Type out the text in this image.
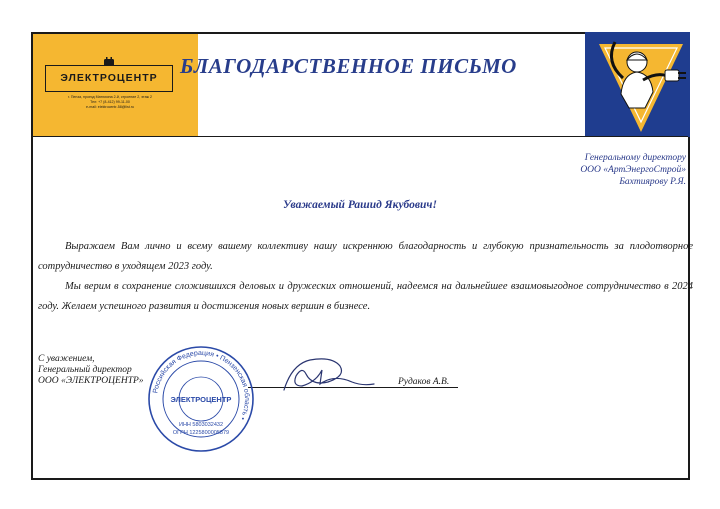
ЭЛЕКТРОЦЕНТР
г. Пенза, проезд Матюхина 2-й, строение 2, этаж 2
Тел: +7 (8-412) 99-11-00
e-mail: elektrocentr-58@list.ru
БЛАГОДАРСТВЕННОЕ ПИСЬМО
Генеральному директору
ООО «АртЭнергоСтрой»
Бахтиярову Р.Я.
Уважаемый Рашид Якубович!

Выражаем Вам лично и всему вашему коллективу нашу искреннюю благодарность и глубокую признательность за плодотворное сотрудничество в уходящем 2023 году.

Мы верим в сохранение сложившихся деловых и дружеских отношений, надеемся на дальнейшее взаимовыгодное сотрудничество в 2024 году. Желаем успешного развития и достижения новых вершин в бизнесе.

С уважением,
Генеральный директор
ООО «ЭЛЕКТРОЦЕНТР»	Рудаков А.В.
Российская Федерация • Пензенская область •
ЭЛЕКТРОЦЕНТР
ИНН 5803032432
ОГРН 1225800005879
